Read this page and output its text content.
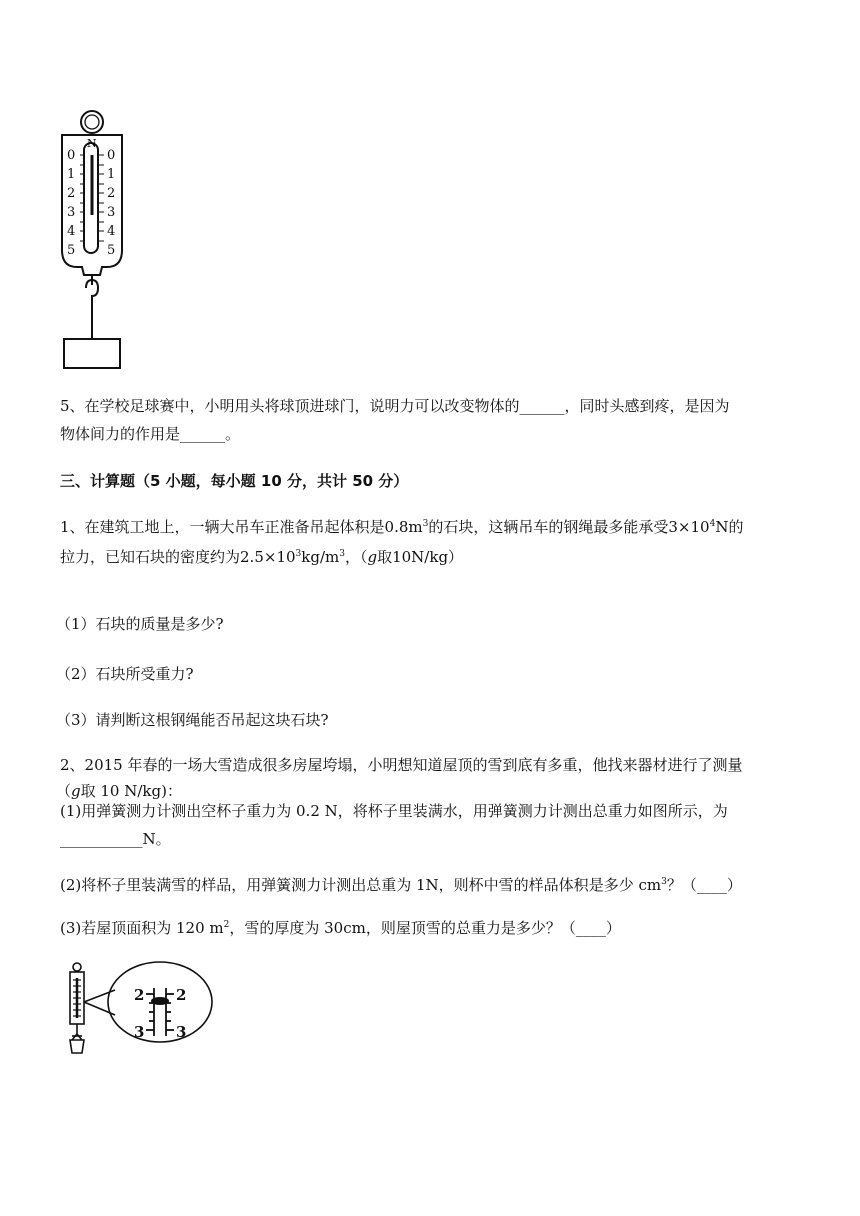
N
0
1
2
3
4
5
0
1
2
3
4
5
5、在学校足球赛中，小明用头将球顶进球门，说明力可以改变物体的______，同时头感到疼，是因为
物体间力的作用是______。
三、计算题（5 小题，每小题 10 分，共计 50 分）
1、在建筑工地上，一辆大吊车正准备吊起体积是$0.8m^3$的石块，这辆吊车的钢绳最多能承受$3\times 10^4N$的
拉力，已知石块的密度约为$2.5\times 10^3kg/m^3$，（g取10N/kg）
（1）石块的质量是多少?
（2）石块所受重力?
（3）请判断这根钢绳能否吊起这块石块?
2、2015 年春的一场大雪造成很多房屋垮塌，小明想知道屋顶的雪到底有多重，他找来器材进行了测量
（g取 10 N/kg)：
(1)用弹簧测力计测出空杯子重力为 0.2 N，将杯子里装满水，用弹簧测力计测出总重力如图所示，为
___________N。
(2)将杯子里装满雪的样品，用弹簧测力计测出总重为 1N，则杯中雪的样品体积是多少 $cm^3$？（____）
(3)若屋顶面积为 120 $m^2$，雪的厚度为 30cm，则屋顶雪的总重力是多少？（____）
2 2
3 3
